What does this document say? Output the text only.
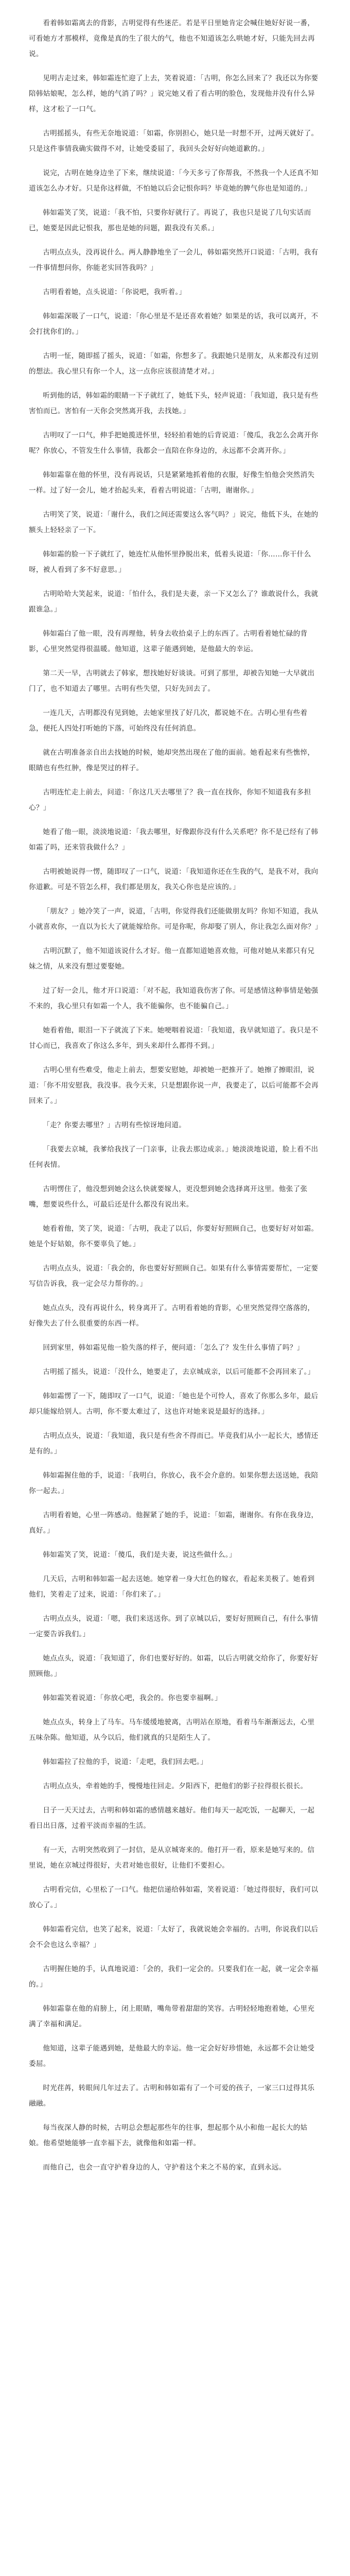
看着韩如霜离去的背影，古明觉得有些迷茫。若是平日里她肯定会喊住她好好说一番，可看她方才那模样，竟像是真的生了很大的气，他也不知道该怎么哄她才好，只能先回去再说。

见明古走过来，韩如霜连忙迎了上去，笑着说道：「古明，你怎么回来了？我还以为你要陪韩姑娘呢，怎么样，她的气消了吗？」说完她又看了看古明的脸色，发现他并没有什么异样，这才松了一口气。

古明摇摇头，有些无奈地说道：「如霜，你别担心，她只是一时想不开，过两天就好了。只是这件事情我确实做得不对，让她受委屈了，我回头会好好向她道歉的。」

说完，古明在她身边坐了下来，继续说道：「今天多亏了你帮我，不然我一个人还真不知道该怎么办才好。只是你这样做，不怕她以后会记恨你吗？毕竟她的脾气你也是知道的。」

韩如霜笑了笑，说道：「我不怕，只要你好就行了。再说了，我也只是说了几句实话而已，她要是因此记恨我，那也是她的问题，跟我没有关系。」

古明点点头，没再说什么。两人静静地坐了一会儿，韩如霜突然开口说道：「古明，我有一件事情想问你，你能老实回答我吗？」

古明看着她，点头说道：「你说吧，我听着。」

韩如霜深吸了一口气，说道：「你心里是不是还喜欢着她？如果是的话，我可以离开，不会打扰你们的。」

古明一怔，随即摇了摇头，说道：「如霜，你想多了。我跟她只是朋友，从来都没有过别的想法。我心里只有你一个人，这一点你应该很清楚才对。」

听到他的话，韩如霜的眼睛一下子就红了，她低下头，轻声说道：「我知道，我只是有些害怕而已。害怕有一天你会突然离开我，去找她。」

古明叹了一口气，伸手把她揽进怀里，轻轻拍着她的后背说道：「傻瓜，我怎么会离开你呢？你放心，不管发生什么事情，我都会一直陪在你身边的，永远都不会离开你。」

韩如霜靠在他的怀里，没有再说话，只是紧紧地抓着他的衣服，好像生怕他会突然消失一样。过了好一会儿，她才抬起头来，看着古明说道：「古明，谢谢你。」

古明笑了笑，说道：「谢什么，我们之间还需要这么客气吗？」说完，他低下头，在她的额头上轻轻亲了一下。

韩如霜的脸一下子就红了，她连忙从他怀里挣脱出来，低着头说道：「你……你干什么呀，被人看到了多不好意思。」

古明哈哈大笑起来，说道：「怕什么，我们是夫妻，亲一下又怎么了？谁敢说什么，我就跟谁急。」

韩如霜白了他一眼，没有再理他，转身去收拾桌子上的东西了。古明看着她忙碌的背影，心里突然觉得很温暖。他知道，这辈子能遇到她，是他最大的幸运。

第二天一早，古明就去了韩家，想找她好好谈谈。可到了那里，却被告知她一大早就出门了，也不知道去了哪里。古明有些失望，只好先回去了。

一连几天，古明都没有见到她，去她家里找了好几次，都说她不在。古明心里有些着急，便托人四处打听她的下落，可始终没有任何消息。

就在古明准备亲自出去找她的时候，她却突然出现在了他的面前。她看起来有些憔悴，眼睛也有些红肿，像是哭过的样子。

古明连忙走上前去，问道：「你这几天去哪里了？我一直在找你，你知不知道我有多担心？」

她看了他一眼，淡淡地说道：「我去哪里，好像跟你没有什么关系吧？你不是已经有了韩如霜了吗，还来管我做什么？」

古明被她说得一愣，随即叹了一口气，说道：「我知道你还在生我的气，是我不对，我向你道歉。可是不管怎么样，我们都是朋友，我关心你也是应该的。」

「朋友？」她冷笑了一声，说道，「古明，你觉得我们还能做朋友吗？你知不知道，我从小就喜欢你，一直以为长大了就能嫁给你。可是你呢，你却娶了别人，你让我怎么面对你？」

古明沉默了，他不知道该说什么才好。他一直都知道她喜欢他，可他对她从来都只有兄妹之情，从来没有想过要娶她。

过了好一会儿，他才开口说道：「对不起，我知道我伤害了你。可是感情这种事情是勉强不来的，我心里只有如霜一个人，我不能骗你，也不能骗自己。」

她看着他，眼泪一下子就流了下来。她哽咽着说道：「我知道，我早就知道了。我只是不甘心而已，我喜欢了你这么多年，到头来却什么都得不到。」

古明心里有些难受，他走上前去，想要安慰她，却被她一把推开了。她擦了擦眼泪，说道：「你不用安慰我，我没事。我今天来，只是想跟你说一声，我要走了，以后可能都不会再回来了。」

「走？你要去哪里？」古明有些惊讶地问道。

「我要去京城，我爹给我找了一门亲事，让我去那边成亲。」她淡淡地说道，脸上看不出任何表情。

古明愣住了，他没想到她会这么快就要嫁人，更没想到她会选择离开这里。他张了张嘴，想要说些什么，可最后还是什么都没有说出来。

她看着他，笑了笑，说道：「古明，我走了以后，你要好好照顾自己，也要好好对如霜。她是个好姑娘，你不要辜负了她。」

古明点点头，说道：「我会的，你也要好好照顾自己。如果有什么事情需要帮忙，一定要写信告诉我，我一定会尽力帮你的。」

她点点头，没有再说什么，转身离开了。古明看着她的背影，心里突然觉得空落落的，好像失去了什么很重要的东西一样。

回到家里，韩如霜见他一脸失落的样子，便问道：「怎么了？发生什么事情了吗？」

古明摇了摇头，说道：「没什么，她要走了，去京城成亲，以后可能都不会再回来了。」

韩如霜愣了一下，随即叹了一口气，说道：「她也是个可怜人，喜欢了你那么多年，最后却只能嫁给别人。古明，你不要太难过了，这也许对她来说是最好的选择。」

古明点点头，说道：「我知道，我只是有些舍不得而已。毕竟我们从小一起长大，感情还是有的。」

韩如霜握住他的手，说道：「我明白，你放心，我不会介意的。如果你想去送送她，我陪你一起去。」

古明看着她，心里一阵感动。他握紧了她的手，说道：「如霜，谢谢你。有你在我身边，真好。」

韩如霜笑了笑，说道：「傻瓜，我们是夫妻，说这些做什么。」

几天后，古明和韩如霜一起去送她。她穿着一身大红色的嫁衣，看起来美极了。她看到他们，笑着走了过来，说道：「你们来了。」

古明点点头，说道：「嗯，我们来送送你。到了京城以后，要好好照顾自己，有什么事情一定要告诉我们。」

她点点头，说道：「我知道了，你们也要好好的。如霜，以后古明就交给你了，你要好好照顾他。」

韩如霜笑着说道：「你放心吧，我会的。你也要幸福啊。」

她点点头，转身上了马车。马车缓缓地驶离，古明站在原地，看着马车渐渐远去，心里五味杂陈。他知道，从今以后，他们就真的只是陌生人了。

韩如霜拉了拉他的手，说道：「走吧，我们回去吧。」

古明点点头，牵着她的手，慢慢地往回走。夕阳西下，把他们的影子拉得很长很长。

日子一天天过去，古明和韩如霜的感情越来越好。他们每天一起吃饭，一起聊天，一起看日出日落，过着平淡而幸福的生活。

有一天，古明突然收到了一封信，是从京城寄来的。他打开一看，原来是她写来的。信里说，她在京城过得很好，夫君对她也很好，让他们不要担心。

古明看完信，心里松了一口气。他把信递给韩如霜，笑着说道：「她过得很好，我们可以放心了。」

韩如霜看完信，也笑了起来，说道：「太好了，我就说她会幸福的。古明，你说我们以后会不会也这么幸福？」

古明握住她的手，认真地说道：「会的，我们一定会的。只要我们在一起，就一定会幸福的。」

韩如霜靠在他的肩膀上，闭上眼睛，嘴角带着甜甜的笑容。古明轻轻地抱着她，心里充满了幸福和满足。

他知道，这辈子能遇到她，是他最大的幸运。他一定会好好珍惜她，永远都不会让她受委屈。

时光荏苒，转眼间几年过去了。古明和韩如霜有了一个可爱的孩子，一家三口过得其乐融融。

每当夜深人静的时候，古明总会想起那些年的往事，想起那个从小和他一起长大的姑娘。他希望她能够一直幸福下去，就像他和如霜一样。

而他自己，也会一直守护着身边的人，守护着这个来之不易的家，直到永远。
